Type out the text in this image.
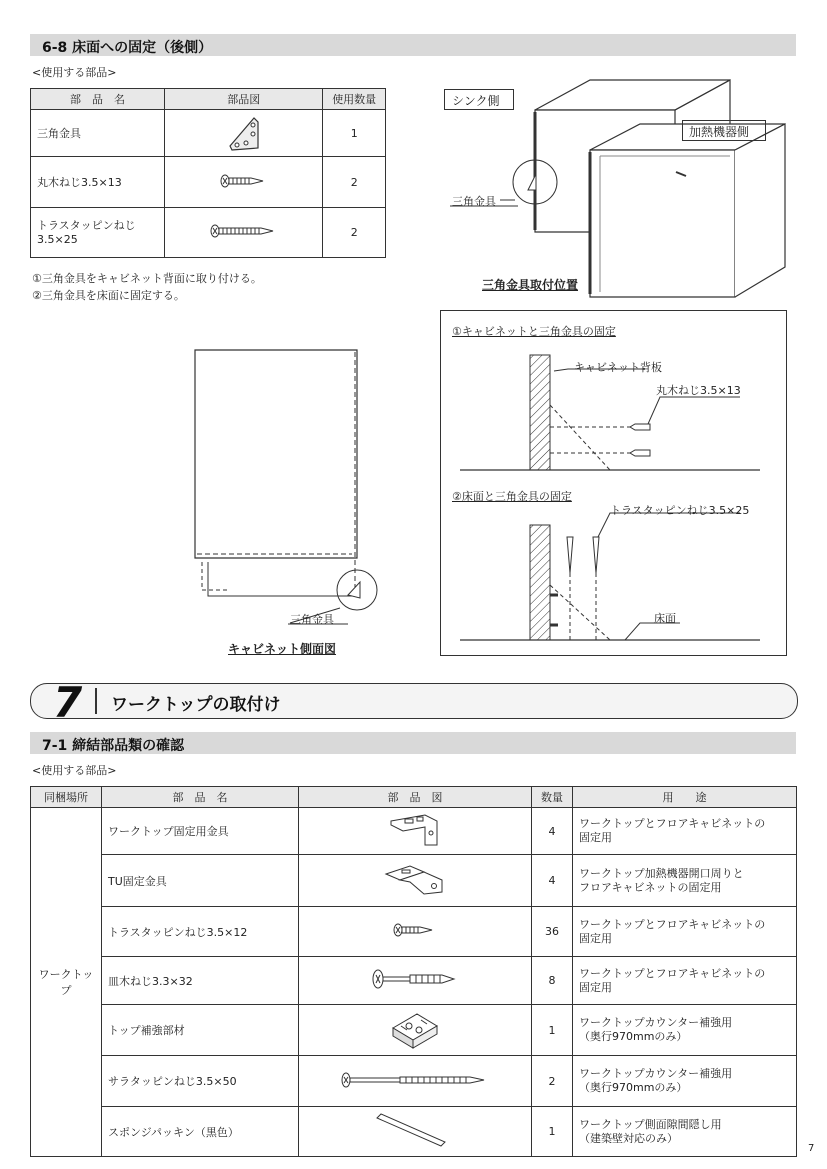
6-8 床面への固定（後側）
<使用する部品>
部　品　名	部品図	使用数量
三角金具		1
丸木ねじ3.5×13		2
トラスタッピンねじ
3.5×25		2
①三角金具をキャビネット背面に取り付ける。
②三角金具を床面に固定する。
シンク側
加熱機器側
三角金具
三角金具取付位置
三角金具
キャビネット側面図
①キャビネットと三角金具の固定
キャビネット背板
丸木ねじ3.5×13
②床面と三角金具の固定
トラスタッピンねじ3.5×25
床面
7 ワークトップの取付け
7-1 締結部品類の確認
<使用する部品>
同梱場所	部　品　名	部　品　図	数量	用　　途
ワークトップ	ワークトップ固定用金具		4	ワークトップとフロアキャビネットの
固定用
	TU固定金具		4	ワークトップ加熱機器開口周りと
フロアキャビネットの固定用
	トラスタッピンねじ3.5×12		36	ワークトップとフロアキャビネットの
固定用
	皿木ねじ3.3×32		8	ワークトップとフロアキャビネットの
固定用
	トップ補強部材		1	ワークトップカウンター補強用
（奥行970mmのみ）
	サラタッピンねじ3.5×50		2	ワークトップカウンター補強用
（奥行970mmのみ）
	スポンジパッキン（黒色）		1	ワークトップ側面隙間隠し用
（建築壁対応のみ）
7
